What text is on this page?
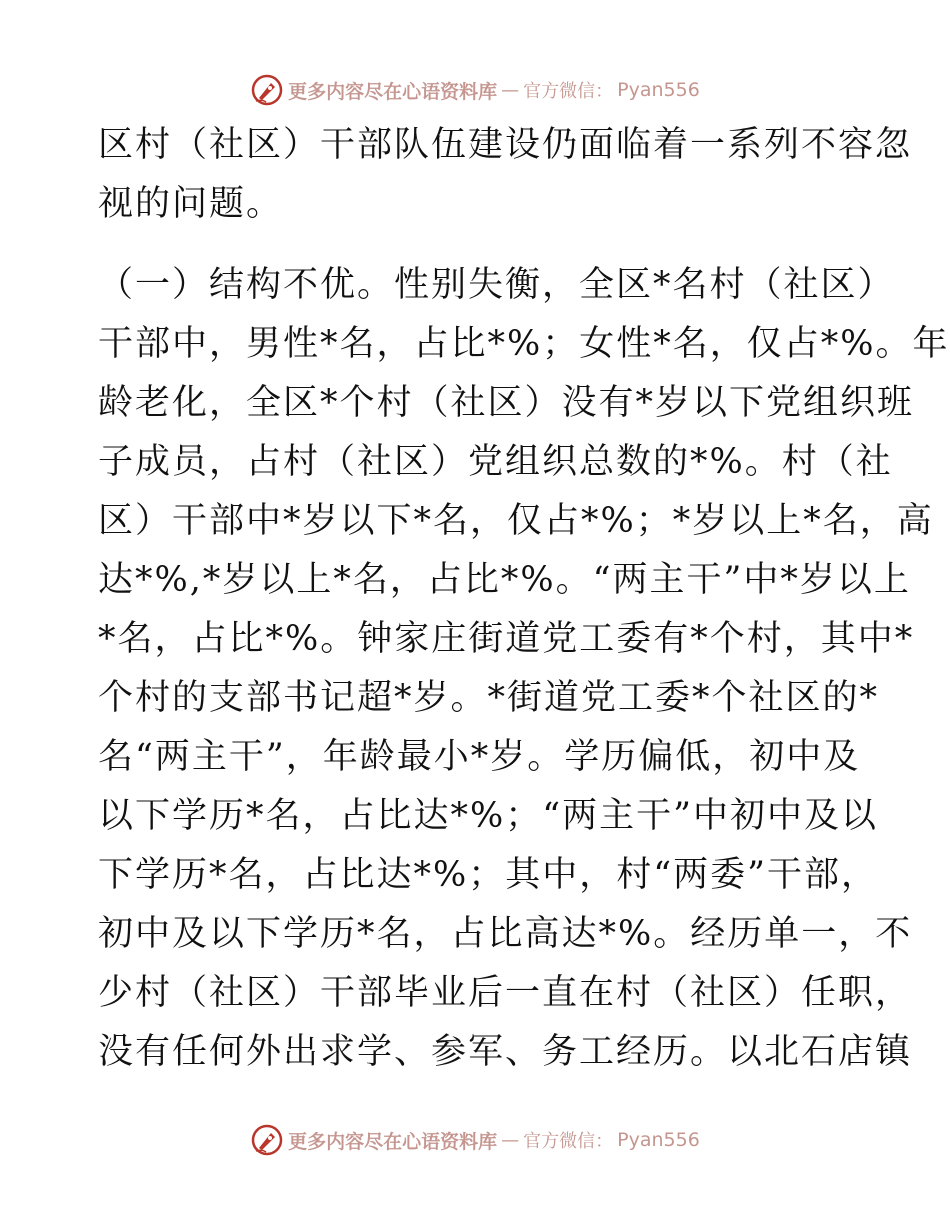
更多内容尽在心语资料库 — 官方微信： Pyan556

区村（社区）干部队伍建设仍面临着一系列不容忽
视的问题。

（一）结构不优。性别失衡，全区*名村（社区）
干部中，男性*名，占比*%；女性*名，仅占*%。年
龄老化，全区*个村（社区）没有*岁以下党组织班
子成员，占村（社区）党组织总数的*%。村（社
区）干部中*岁以下*名，仅占*%；*岁以上*名，高
达*%,*岁以上*名，占比*%。“两主干”中*岁以上
*名，占比*%。钟家庄街道党工委有*个村，其中*
个村的支部书记超*岁。*街道党工委*个社区的*
名“两主干”，年龄最小*岁。学历偏低，初中及
以下学历*名，占比达*%；“两主干”中初中及以
下学历*名，占比达*%；其中，村“两委”干部，
初中及以下学历*名，占比高达*%。经历单一，不
少村（社区）干部毕业后一直在村（社区）任职，
没有任何外出求学、参军、务工经历。以北石店镇

更多内容尽在心语资料库 — 官方微信： Pyan556
